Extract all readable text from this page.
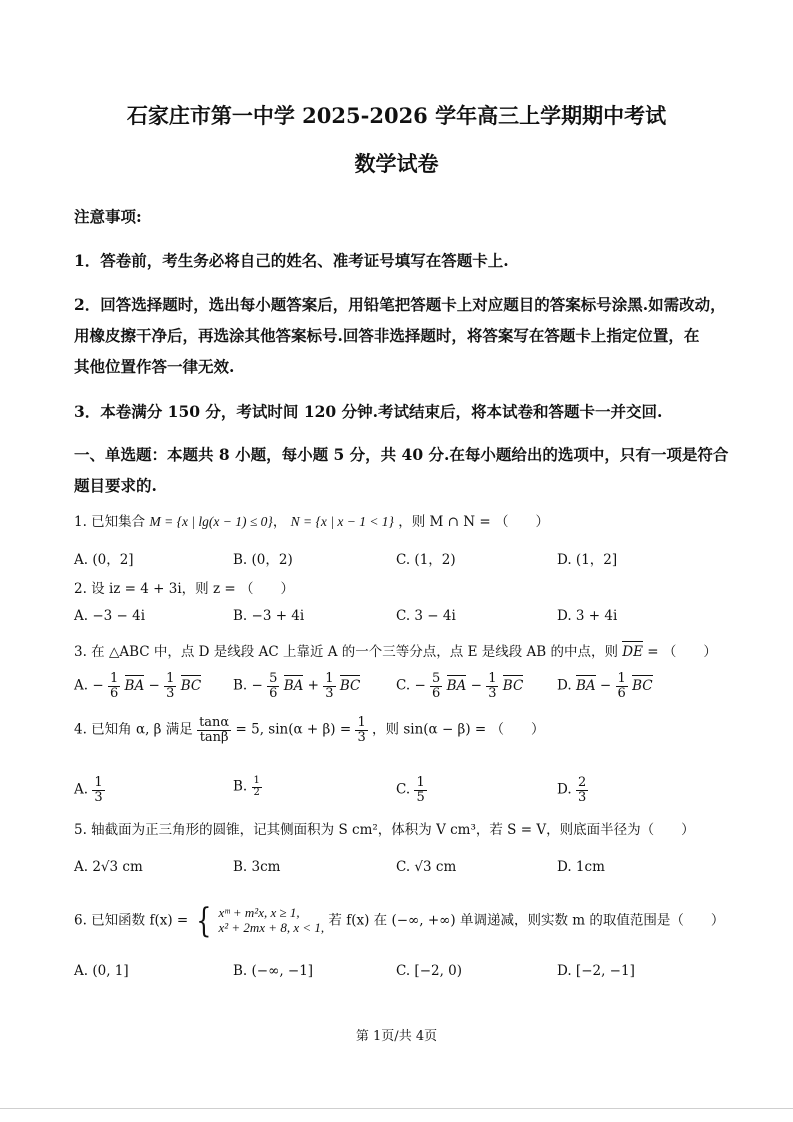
石家庄市第一中学 2025-2026 学年高三上学期期中考试
数学试卷
注意事项:
1．答卷前，考生务必将自己的姓名、准考证号填写在答题卡上.
2．回答选择题时，选出每小题答案后，用铅笔把答题卡上对应题目的答案标号涂黑.如需改动，
用橡皮擦干净后，再选涂其他答案标号.回答非选择题时，将答案写在答题卡上指定位置，在
其他位置作答一律无效.
3．本卷满分 150 分，考试时间 120 分钟.考试结束后，将本试卷和答题卡一并交回.
一、单选题：本题共 8 小题，每小题 5 分，共 40 分.在每小题给出的选项中，只有一项是符合
题目要求的.
1. 已知集合 M = {x | lg(x − 1) ≤ 0}， N = {x | x − 1 < 1} ，则 M ∩ N = （　　）
A. (0，2]	B. (0，2)	C. (1，2)	D. (1，2]
2. 设 iz = 4 + 3i，则 z = （　　）
A. −3 − 4i	B. −3 + 4i	C. 3 − 4i	D. 3 + 4i
3. 在 △ABC 中，点 D 是线段 AC 上靠近 A 的一个三等分点，点 E 是线段 AB 的中点，则 DE = （　　）
A. − $\frac{1}{6}$ BA − $\frac{1}{3}$ BC B. − $\frac{5}{6}$ BA + $\frac{1}{3}$ BC	C. − $\frac{5}{6}$ BA − $\frac{1}{3}$ BC D. BA − $\frac{1}{6}$ BC
4. 已知角 α, β 满足 $\frac{\tan\alpha}{\tan\beta} = 5$, $\sin(\alpha + \beta) = \frac{1}{3}$ ，则 sin(α − β) = （　　）
A. $\frac{1}{3}$	B. $\frac{1}{2}$	C. $\frac{1}{5}$	D. $\frac{2}{3}$
5. 轴截面为正三角形的圆锥，记其侧面积为 S cm²，体积为 V cm³，若 S = V，则底面半径为（　　）
A. 2√3 cm	B. 3cm	C. √3 cm	D. 1cm
6. 已知函数 f(x) = { xᵐ + m²x, x ≥ 1,
x² + 2mx + 8, x < 1, 若 f(x) 在 (−∞, +∞) 单调递减，则实数 m 的取值范围是（　　）
A. (0, 1]	B. (−∞, −1]	C. [−2, 0)	D. [−2, −1]
第 1页/共 4页
